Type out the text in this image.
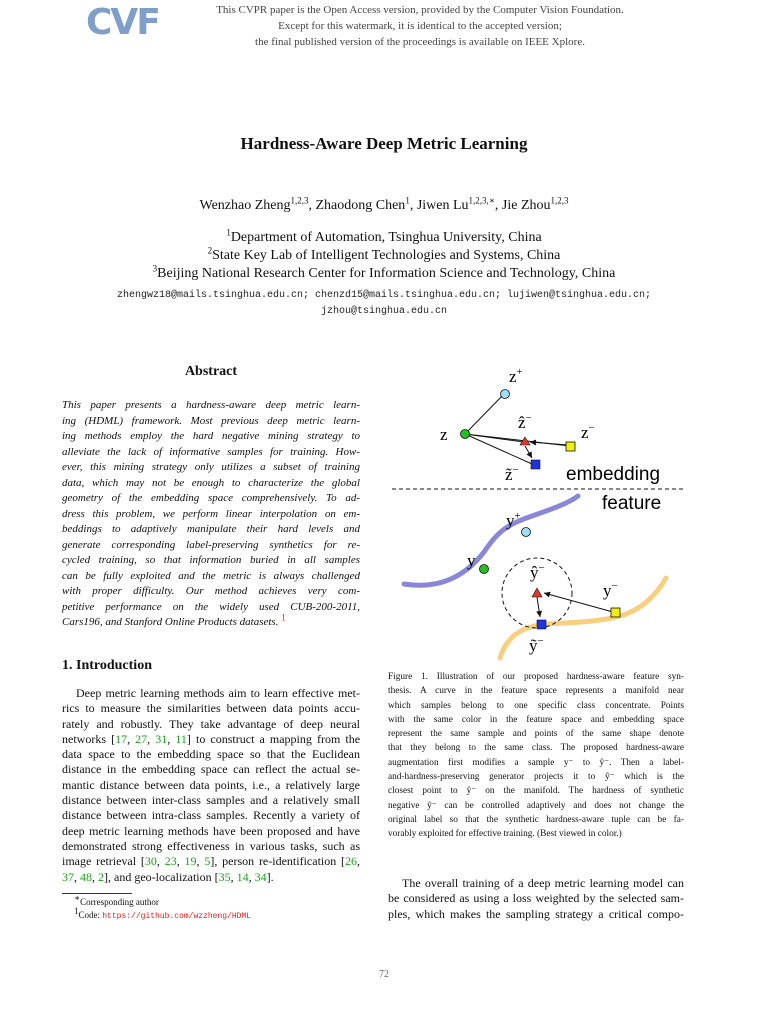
CVF	This CVPR paper is the Open Access version, provided by the Computer Vision Foundation.
Except for this watermark, it is identical to the accepted version;
the final published version of the proceedings is available on IEEE Xplore.
Hardness-Aware Deep Metric Learning
Wenzhao Zheng$^{1,2,3}$, Zhaodong Chen$^1$, Jiwen $Lu^{1,2,3,∗}$, Jie Zhou$^{1,2,3}$
$^1$Department of Automation, Tsinghua University, China
$^2$State Key Lab of Intelligent Technologies and Systems, China
$^3$Beijing National Research Center for Information Science and Technology, China
zhengwz18@mails.tsinghua.edu.cn; chenzd15@mails.tsinghua.edu.cn; lujiwen@tsinghua.edu.cn;
jzhou@tsinghua.edu.cn
Abstract
This paper presents a hardness-aware deep metric learn-
ing (HDML) framework. Most previous deep metric learn-
ing methods employ the hard negative mining strategy to
alleviate the lack of informative samples for training. How-
ever, this mining strategy only utilizes a subset of training
data, which may not be enough to characterize the global
geometry of the embedding space comprehensively. To ad-
dress this problem, we perform linear interpolation on em-
beddings to adaptively manipulate their hard levels and
generate corresponding label-preserving synthetics for re-
cycled training, so that information buried in all samples
can be fully exploited and the metric is always challenged
with proper difficulty. Our method achieves very com-
petitive performance on the widely used CUB-200-2011,
Cars196, and Stanford Online Products datasets. $^1$
1. Introduction
Deep metric learning methods aim to learn effective met-
rics to measure the similarities between data points accu-
rately and robustly. They take advantage of deep neural
networks [17, 27, 31, 11] to construct a mapping from the
data space to the embedding space so that the Euclidean
distance in the embedding space can reflect the actual se-
mantic distance between data points, i.e., a relatively large
distance between inter-class samples and a relatively small
distance between intra-class samples. Recently a variety of
deep metric learning methods have been proposed and have
demonstrated strong effectiveness in various tasks, such as
image retrieval [30, 23, 19, 5], person re-identification [26,
37, 48, 2], and geo-localization [35, 14, 34].
∗Corresponding author
$^1$Code: https://github.com/wzzheng/HDML
z+
z
ẑ−
z−
z̃− embedding
feature
y+
y
ŷ−
y−
ỹ−
Figure 1. Illustration of our proposed hardness-aware feature syn-
thesis. A curve in the feature space represents a manifold near
which samples belong to one specific class concentrate. Points
with the same color in the feature space and embedding space
represent the same sample and points of the same shape denote
that they belong to the same class. The proposed hardness-aware
augmentation first modifies a sample y⁻ to ŷ⁻. Then a label-
and-hardness-preserving generator projects it to ỹ⁻ which is the
closest point to ŷ⁻ on the manifold. The hardness of synthetic
negative ỹ⁻ can be controlled adaptively and does not change the
original label so that the synthetic hardness-aware tuple can be fa-
vorably exploited for effective training. (Best viewed in color.)
The overall training of a deep metric learning model can
be considered as using a loss weighted by the selected sam-
ples, which makes the sampling strategy a critical compo-
72
